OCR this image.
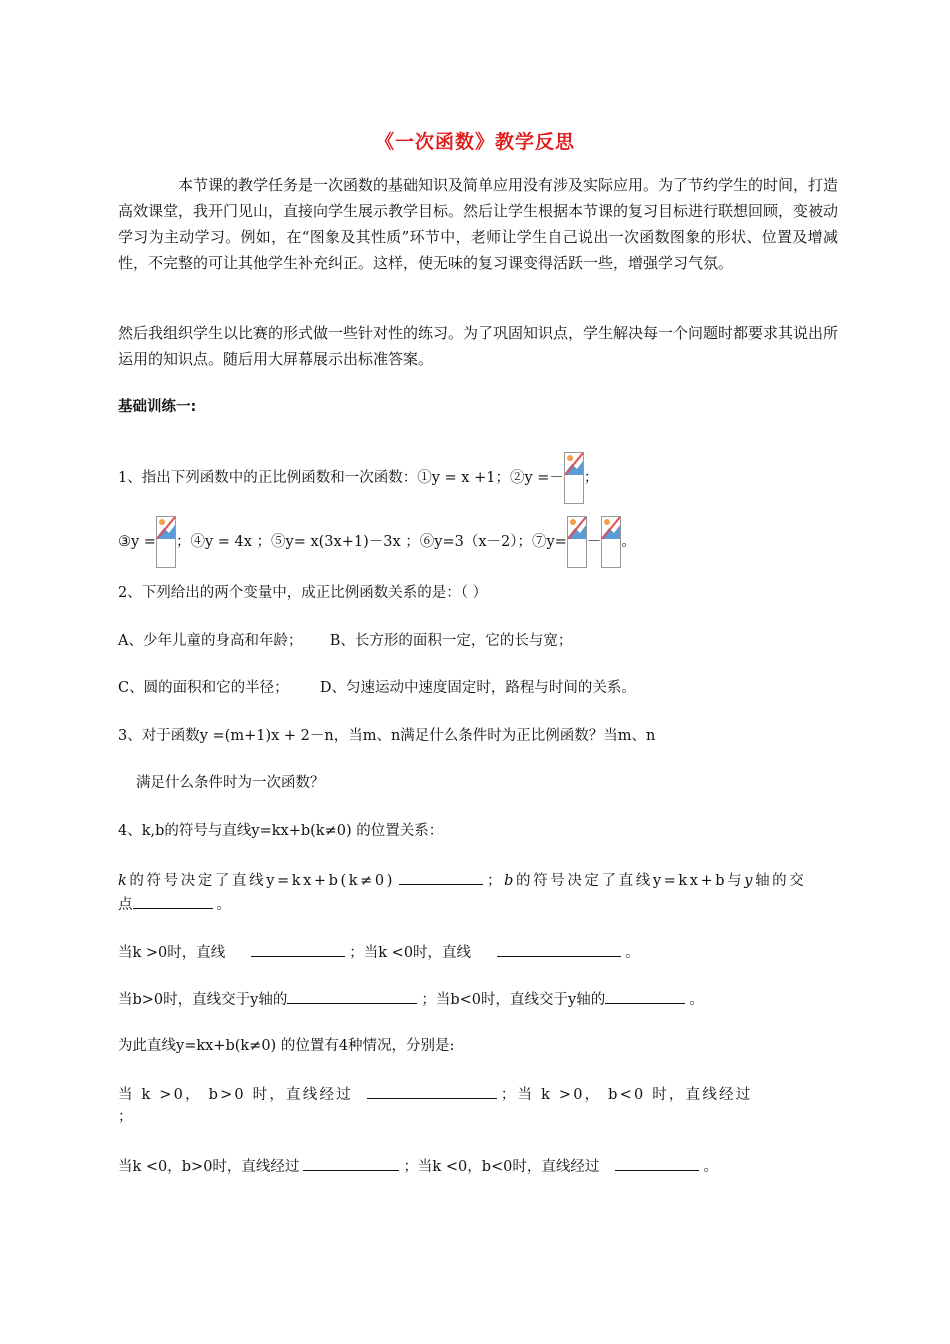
《一次函数》教学反思
本节课的教学任务是一次函数的基础知识及简单应用没有涉及实际应用。为了节约学生的时间，打造高效课堂，我开门见山，直接向学生展示教学目标。然后让学生根据本节课的复习目标进行联想回顾，变被动学习为主动学习。例如，在“图象及其性质”环节中，老师让学生自己说出一次函数图象的形状、位置及增减性，不完整的可让其他学生补充纠正。这样，使无味的复习课变得活跃一些，增强学习气氛。
然后我组织学生以比赛的形式做一些针对性的练习。为了巩固知识点，学生解决每一个问题时都要求其说出所运用的知识点。随后用大屏幕展示出标准答案。
基础训练一:
1、指出下列函数中的正比例函数和一次函数：①y = x +1；②y =－ ；
③y = ；④y = 4x ；⑤y= x(3x+1)－3x ；⑥y=3（x－2）；⑦y= － 。
2、下列给出的两个变量中，成正比例函数关系的是：（ ）
A、少年儿童的身高和年龄； B、长方形的面积一定，它的长与宽；
C、圆的面积和它的半径； D、匀速运动中速度固定时，路程与时间的关系。
3、对于函数y =(m+1)x + 2－n，当m、n满足什么条件时为正比例函数？当m、n
满足什么条件时为一次函数？
4、k,b的符号与直线y=kx+b(k≠0) 的位置关系：
k的符号决定了直线y=kx+b(k≠0)	；b的符号决定了直线y=kx+b与y轴的交
点	。
当k >0时，直线	；当k <0时，直线	。
当b>0时，直线交于y轴的	；当b<0时，直线交于y轴的	。
为此直线y=kx+b(k≠0) 的位置有4种情况，分别是:
当 k >0， b>0 时，直线经过	；当 k >0， b<0 时，直线经过
；
当k <0，b>0时，直线经过	；当k <0，b<0时，直线经过	。
